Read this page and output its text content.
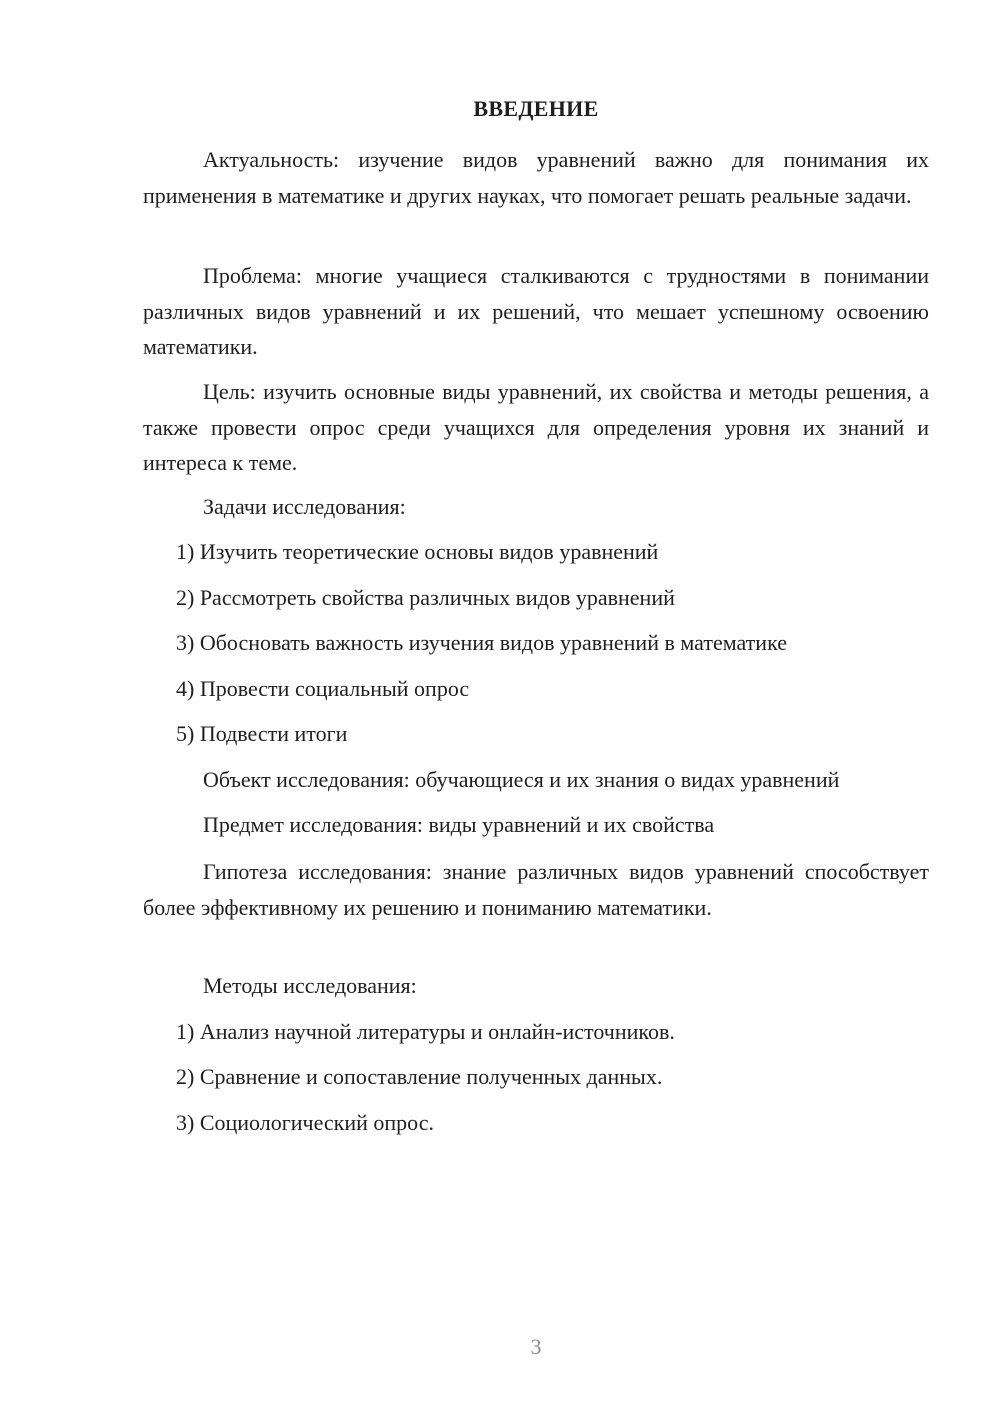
ВВЕДЕНИЕ

Актуальность: изучение видов уравнений важно для понимания их применения в математике и других науках, что помогает решать реальные задачи.

Проблема: многие учащиеся сталкиваются с трудностями в понимании различных видов уравнений и их решений, что мешает успешному освоению математики.

Цель: изучить основные виды уравнений, их свойства и методы решения, а также провести опрос среди учащихся для определения уровня их знаний и интереса к теме.

Задачи исследования:

1) Изучить теоретические основы видов уравнений

2) Рассмотреть свойства различных видов уравнений

3) Обосновать важность изучения видов уравнений в математике

4) Провести социальный опрос

5) Подвести итоги

Объект исследования: обучающиеся и их знания о видах уравнений

Предмет исследования: виды уравнений и их свойства

Гипотеза исследования: знание различных видов уравнений способствует более эффективному их решению и пониманию математики.

Методы исследования:

1) Анализ научной литературы и онлайн-источников.

2) Сравнение и сопоставление полученных данных.

3) Социологический опрос.

3
